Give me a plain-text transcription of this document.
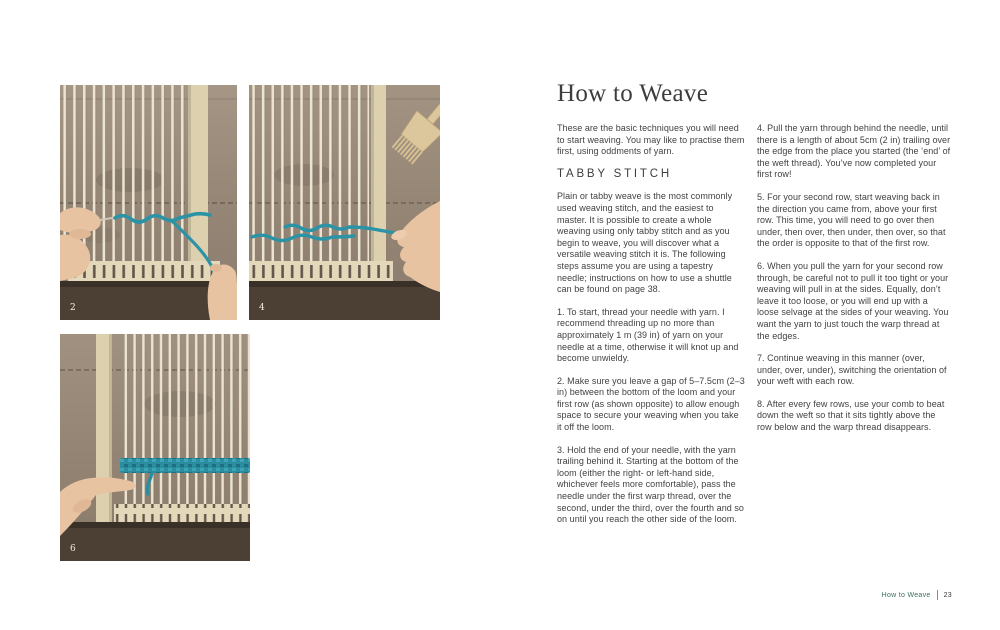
2	4
6
How to Weave

These are the basic techniques you will need to start weaving. You may like to practise them first, using oddments of yarn.

TABBY STITCH

Plain or tabby weave is the most commonly used weaving stitch, and the easiest to master. It is possible to create a whole weaving using only tabby stitch and as you begin to weave, you will discover what a versatile weaving stitch it is. The following steps assume you are using a tapestry needle; instructions on how to use a shuttle can be found on page 38.

1. To start, thread your needle with yarn. I recommend threading up no more than approximately 1 m (39 in) of yarn on your needle at a time, otherwise it will knot up and become unwieldy.

2. Make sure you leave a gap of 5–7.5cm (2–3 in) between the bottom of the loom and your first row (as shown opposite) to allow enough space to secure your weaving when you take it off the loom.

3. Hold the end of your needle, with the yarn trailing behind it. Starting at the bottom of the loom (either the right- or left-hand side, whichever feels more comfortable), pass the needle under the first warp thread, over the second, under the third, over the fourth and so on until you reach the other side of the loom.

4. Pull the yarn through behind the needle, until there is a length of about 5cm (2 in) trailing over the edge from the place you started (the ‘end’ of the weft thread). You’ve now completed your first row!

5. For your second row, start weaving back in the direction you came from, above your first row. This time, you will need to go over then under, then over, then under, then over, so that the order is opposite to that of the first row.

6. When you pull the yarn for your second row through, be careful not to pull it too tight or your weaving will pull in at the sides. Equally, don’t leave it too loose, or you will end up with a loose selvage at the sides of your weaving. You want the yarn to just touch the warp thread at the edges.

7. Continue weaving in this manner (over, under, over, under), switching the orientation of your weft with each row.

8. After every few rows, use your comb to beat down the weft so that it sits tightly above the row below and the warp thread disappears.

How to Weave 23
